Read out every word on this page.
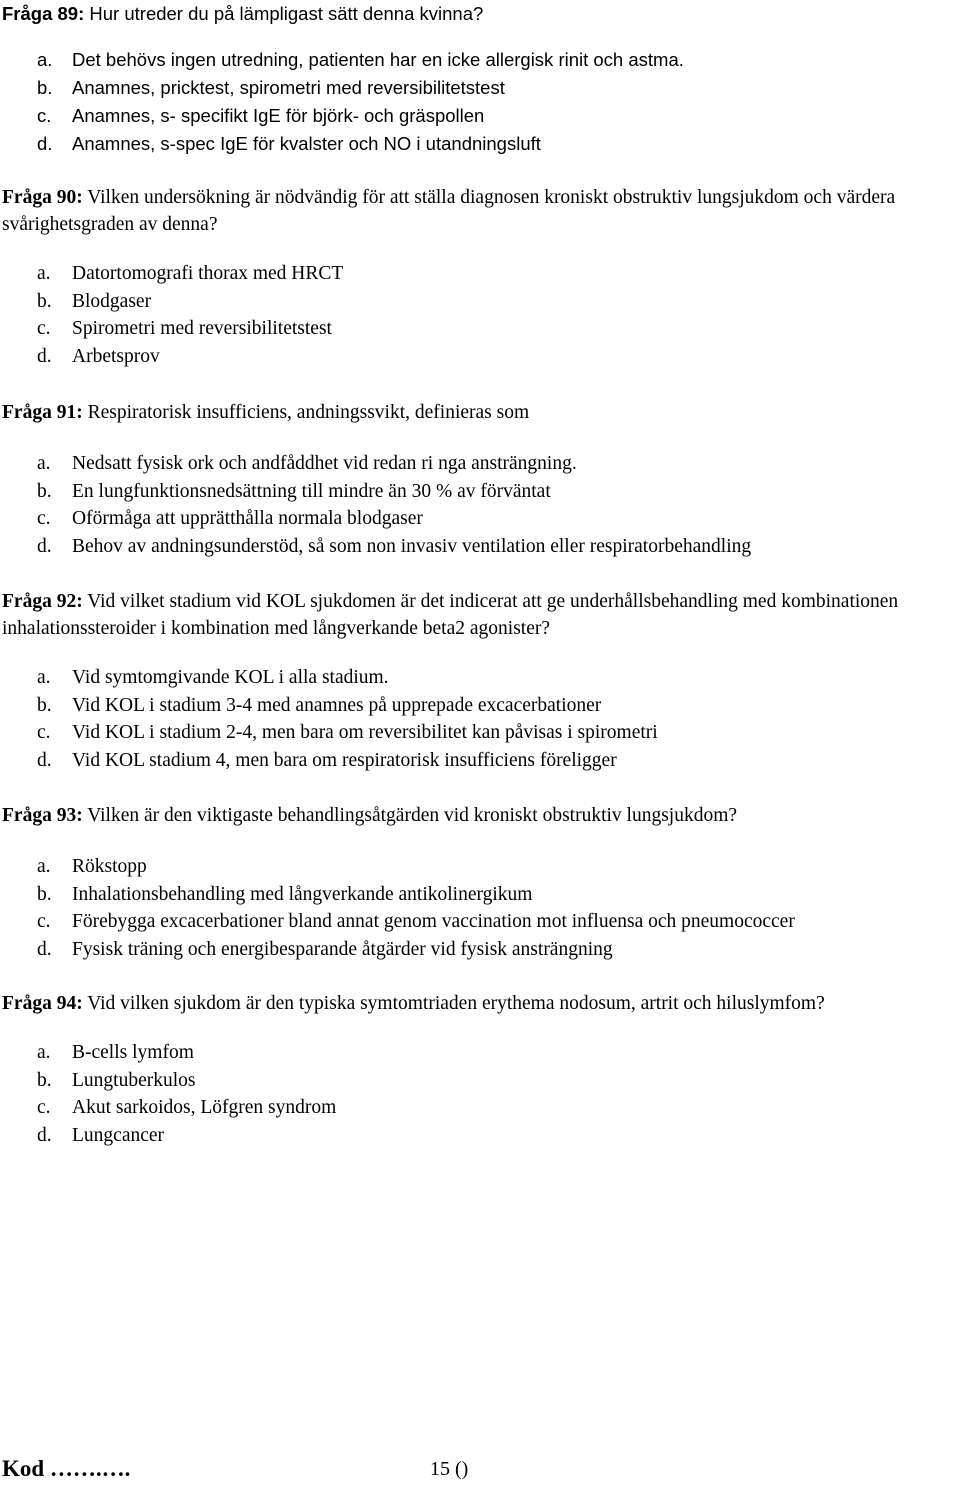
Fråga 89: Hur utreder du på lämpligast sätt denna kvinna?

a. Det behövs ingen utredning, patienten har en icke allergisk rinit och astma.
b. Anamnes, pricktest, spirometri med reversibilitetstest
c. Anamnes, s- specifikt IgE för björk- och gräspollen
d. Anamnes, s-spec IgE för kvalster och NO i utandningsluft

Fråga 90: Vilken undersökning är nödvändig för att ställa diagnosen kroniskt obstruktiv lungsjukdom och värdera svårighetsgraden av denna?

a. Datortomografi thorax med HRCT
b. Blodgaser
c. Spirometri med reversibilitetstest
d. Arbetsprov

Fråga 91: Respiratorisk insufficiens, andningssvikt, definieras som

a. Nedsatt fysisk ork och andfåddhet vid redan ri nga ansträngning.
b. En lungfunktionsnedsättning till mindre än 30 % av förväntat
c. Oförmåga att upprätthålla normala blodgaser
d. Behov av andningsunderstöd, så som non invasiv ventilation eller respiratorbehandling

Fråga 92: Vid vilket stadium vid KOL sjukdomen är det indicerat att ge underhållsbehandling med kombinationen inhalationssteroider i kombination med långverkande beta2 agonister?

a. Vid symtomgivande KOL i alla stadium.
b. Vid KOL i stadium 3-4 med anamnes på upprepade excacerbationer
c. Vid KOL i stadium 2-4, men bara om reversibilitet kan påvisas i spirometri
d. Vid KOL stadium 4, men bara om respiratorisk insufficiens föreligger

Fråga 93: Vilken är den viktigaste behandlingsåtgärden vid kroniskt obstruktiv lungsjukdom?

a. Rökstopp
b. Inhalationsbehandling med långverkande antikolinergikum
c. Förebygga excacerbationer bland annat genom vaccination mot influensa och pneumococcer
d. Fysisk träning och energibesparande åtgärder vid fysisk ansträngning

Fråga 94: Vid vilken sjukdom är den typiska symtomtriaden erythema nodosum, artrit och hiluslymfom?

a. B-cells lymfom
b. Lungtuberkulos
c. Akut sarkoidos, Löfgren syndrom
d. Lungcancer
Kod …….….	15 ()
